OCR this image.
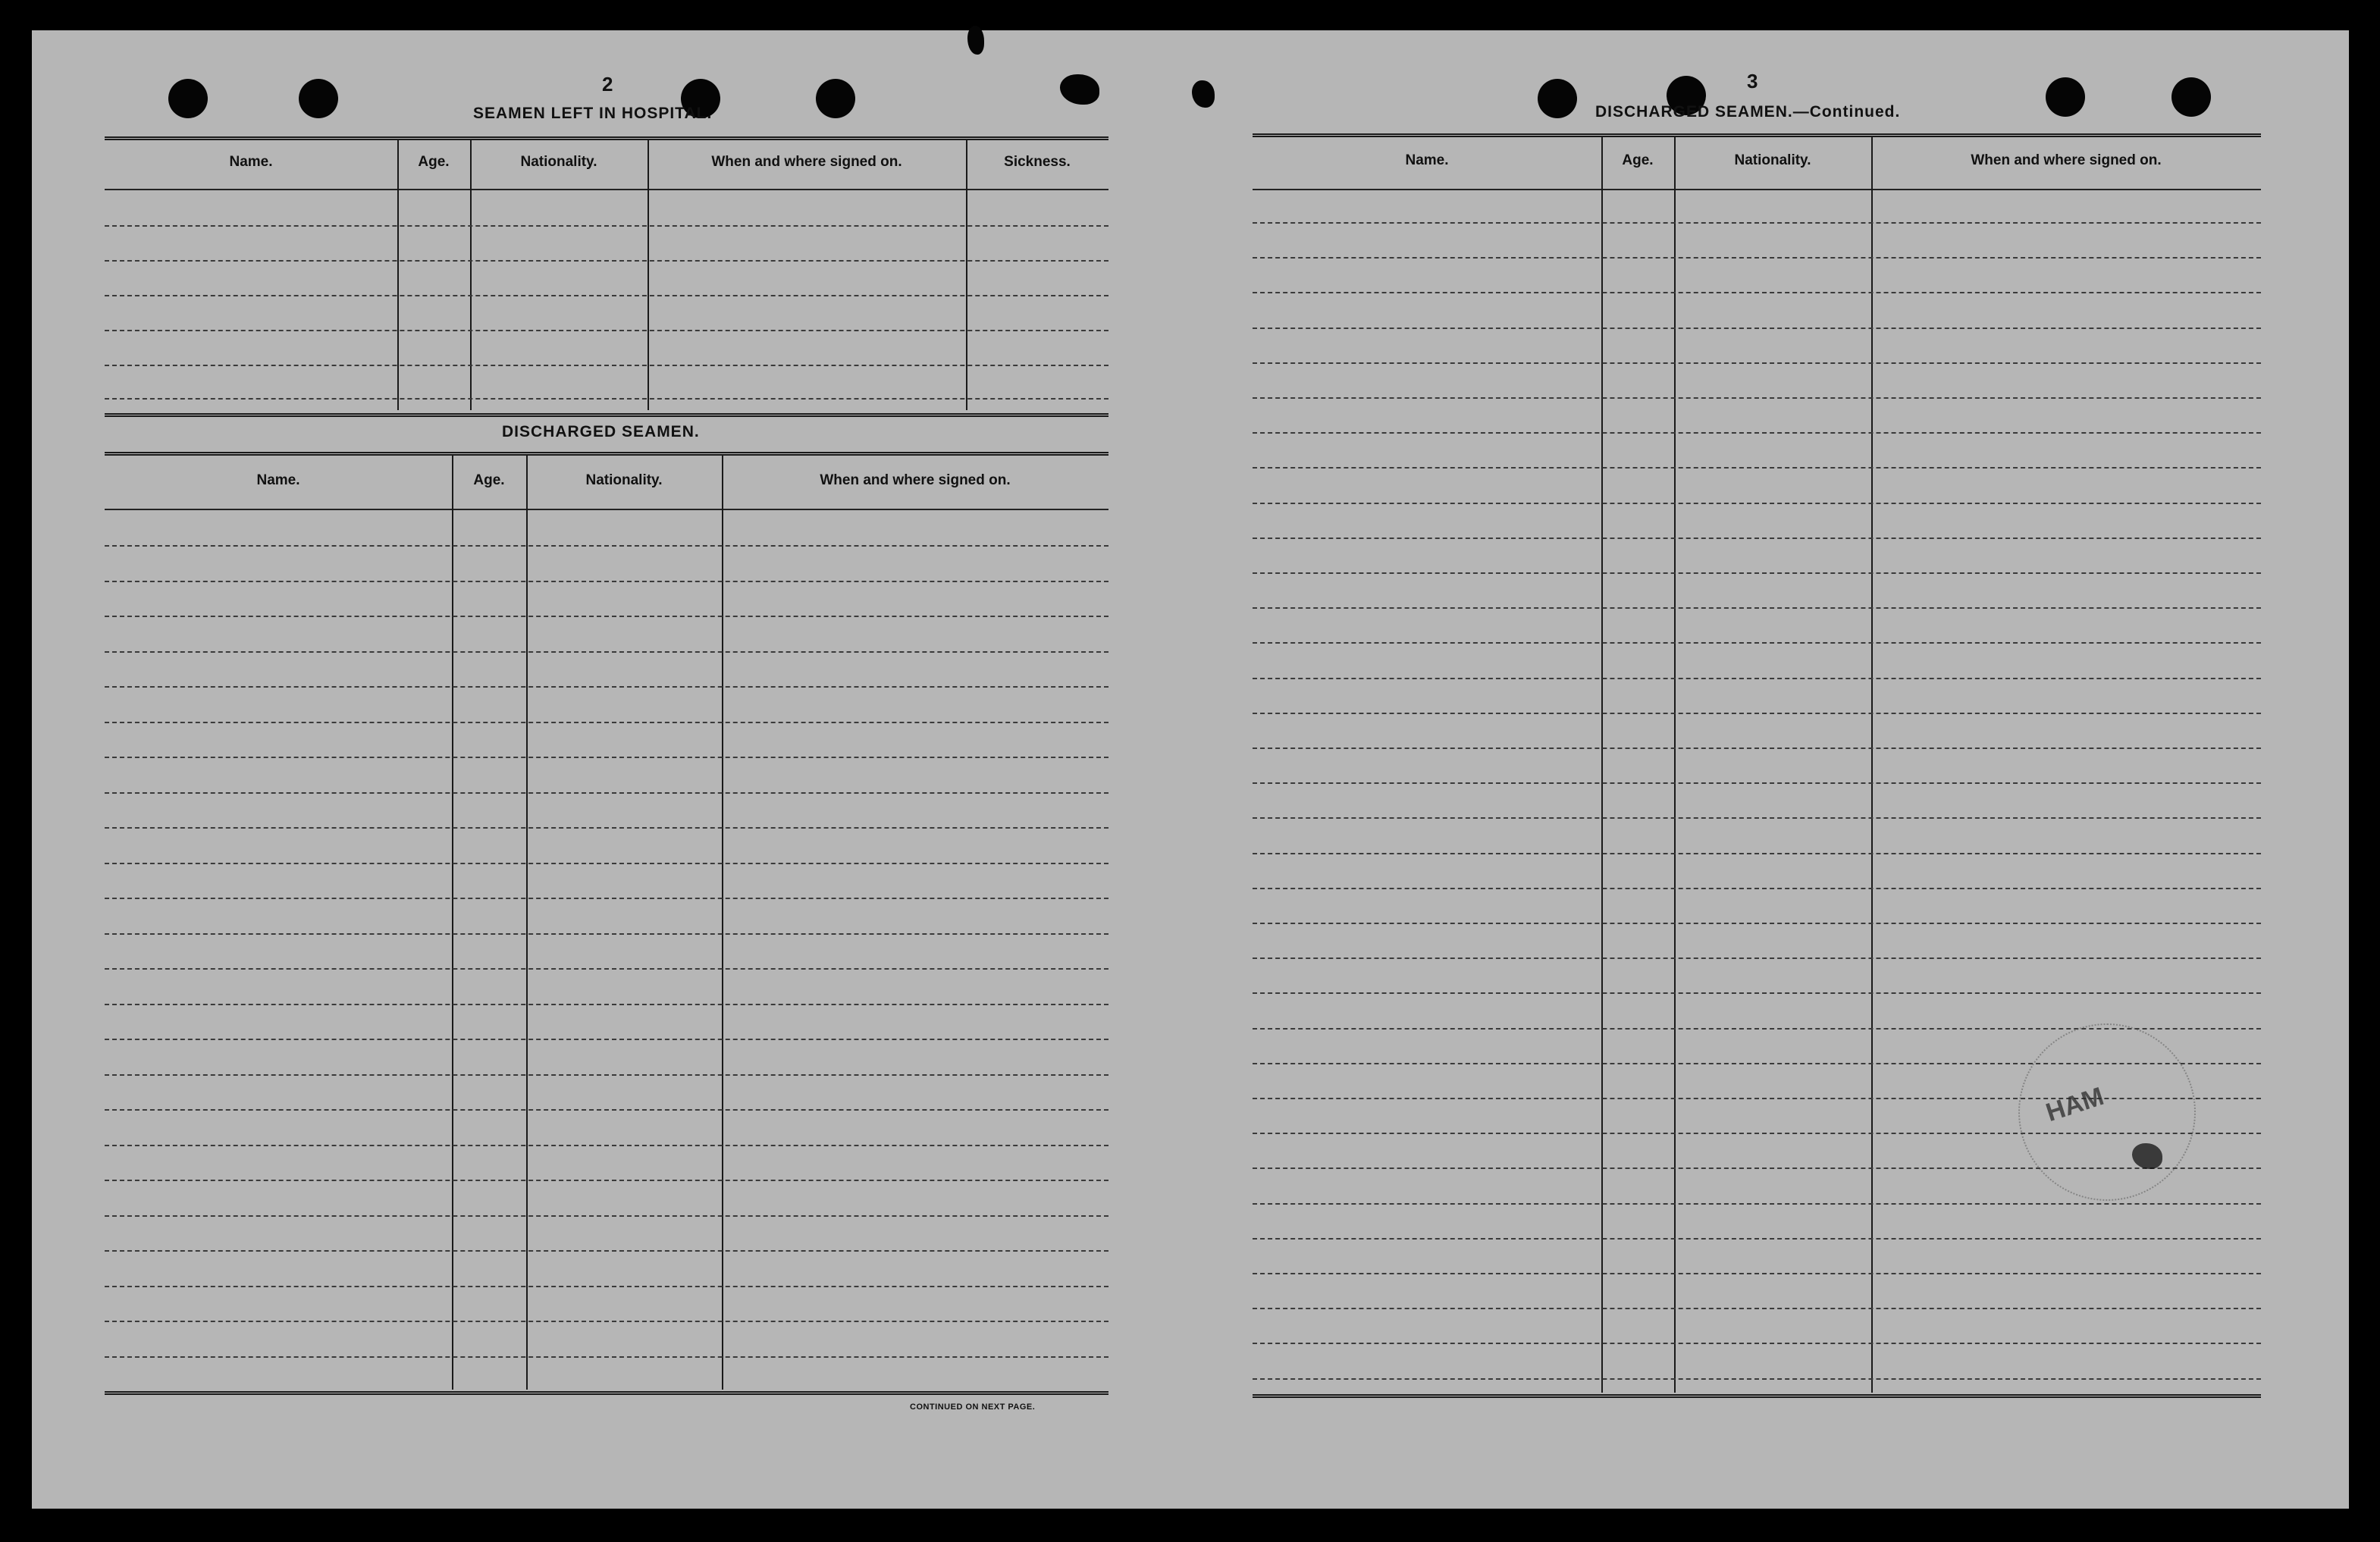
2
SEAMEN LEFT IN HOSPITAL.
Name.	Age.	Nationality.	When and where signed on.	Sickness.
DISCHARGED SEAMEN.
Name.	Age.	Nationality.	When and where signed on.
CONTINUED ON NEXT PAGE.
3
DISCHARGED SEAMEN.—Continued.
Name.	Age.	Nationality.	When and where signed on.
HAM
